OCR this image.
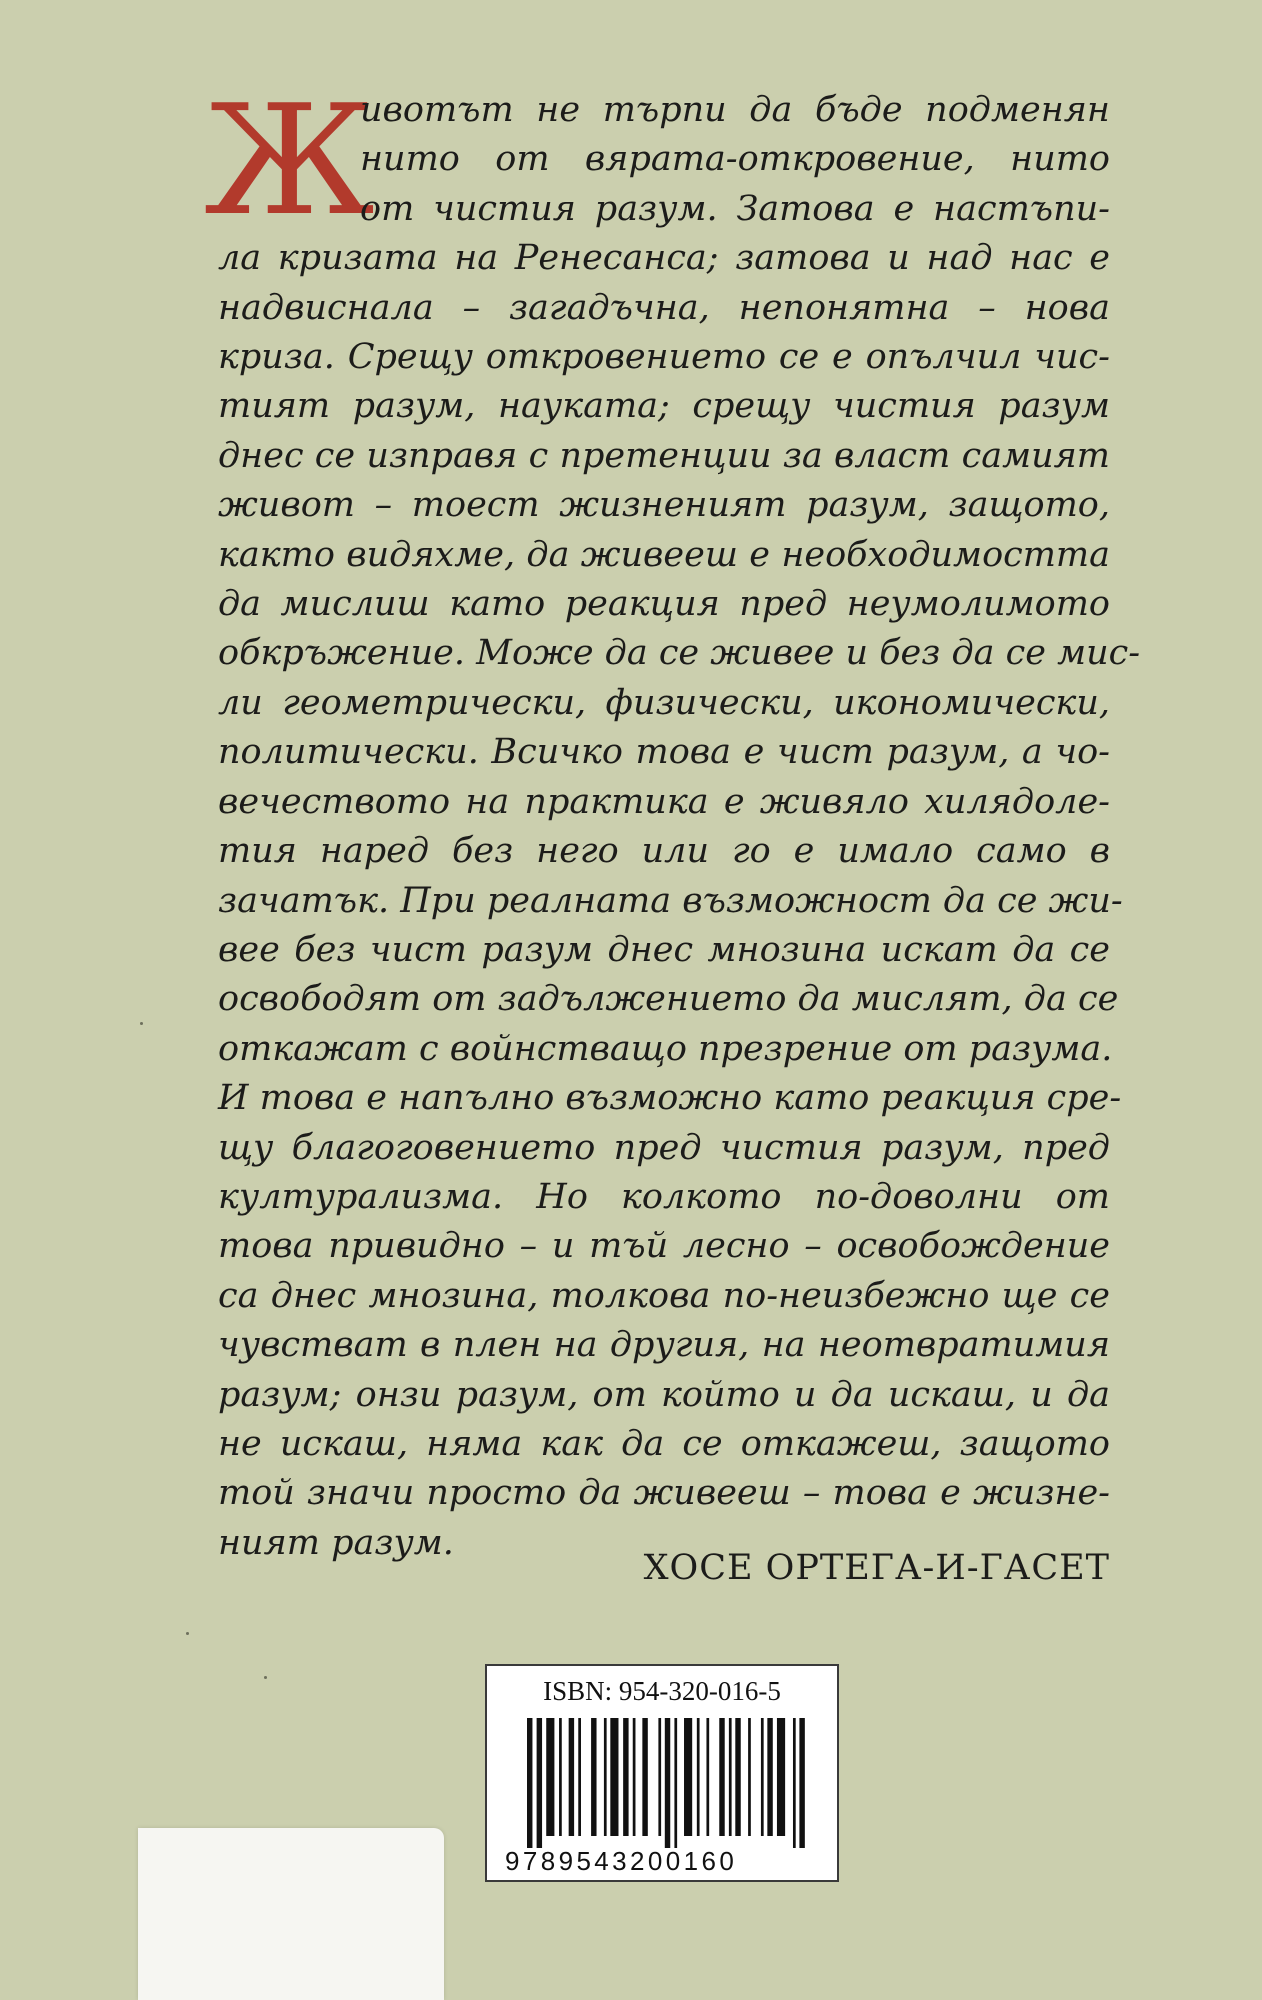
Ж
ивотът не търпи да бъде подменян
нито от вярата-откровение, нито
от чистия разум. Затова е настъпи-
ла кризата на Ренесанса; затова и над нас е
надвиснала – загадъчна, непонятна – нова
криза. Срещу откровението се е опълчил чис-
тият разум, науката; срещу чистия разум
днес се изправя с претенции за власт самият
живот – тоест жизненият разум, защото,
както видяхме, да живееш е необходимостта
да мислиш като реакция пред неумолимото
обкръжение. Може да се живее и без да се мис-
ли геометрически, физически, икономически,
политически. Всичко това е чист разум, а чо-
вечеството на практика е живяло хилядоле-
тия наред без него или го е имало само в
зачатък. При реалната възможност да се жи-
вее без чист разум днес мнозина искат да се
освободят от задължението да мислят, да се
откажат с войнстващо презрение от разума.
И това е напълно възможно като реакция сре-
щу благоговението пред чистия разум, пред
културализма. Но колкото по-доволни от
това привидно – и тъй лесно – освобождение
са днес мнозина, толкова по-неизбежно ще се
чувстват в плен на другия, на неотвратимия
разум; онзи разум, от който и да искаш, и да
не искаш, няма как да се откажеш, защото
той значи просто да живееш – това е жизне-
ният разум.
ХОСЕ ОРТЕГА-И-ГАСЕТ
ISBN: 954-320-016-5
9789543200160
